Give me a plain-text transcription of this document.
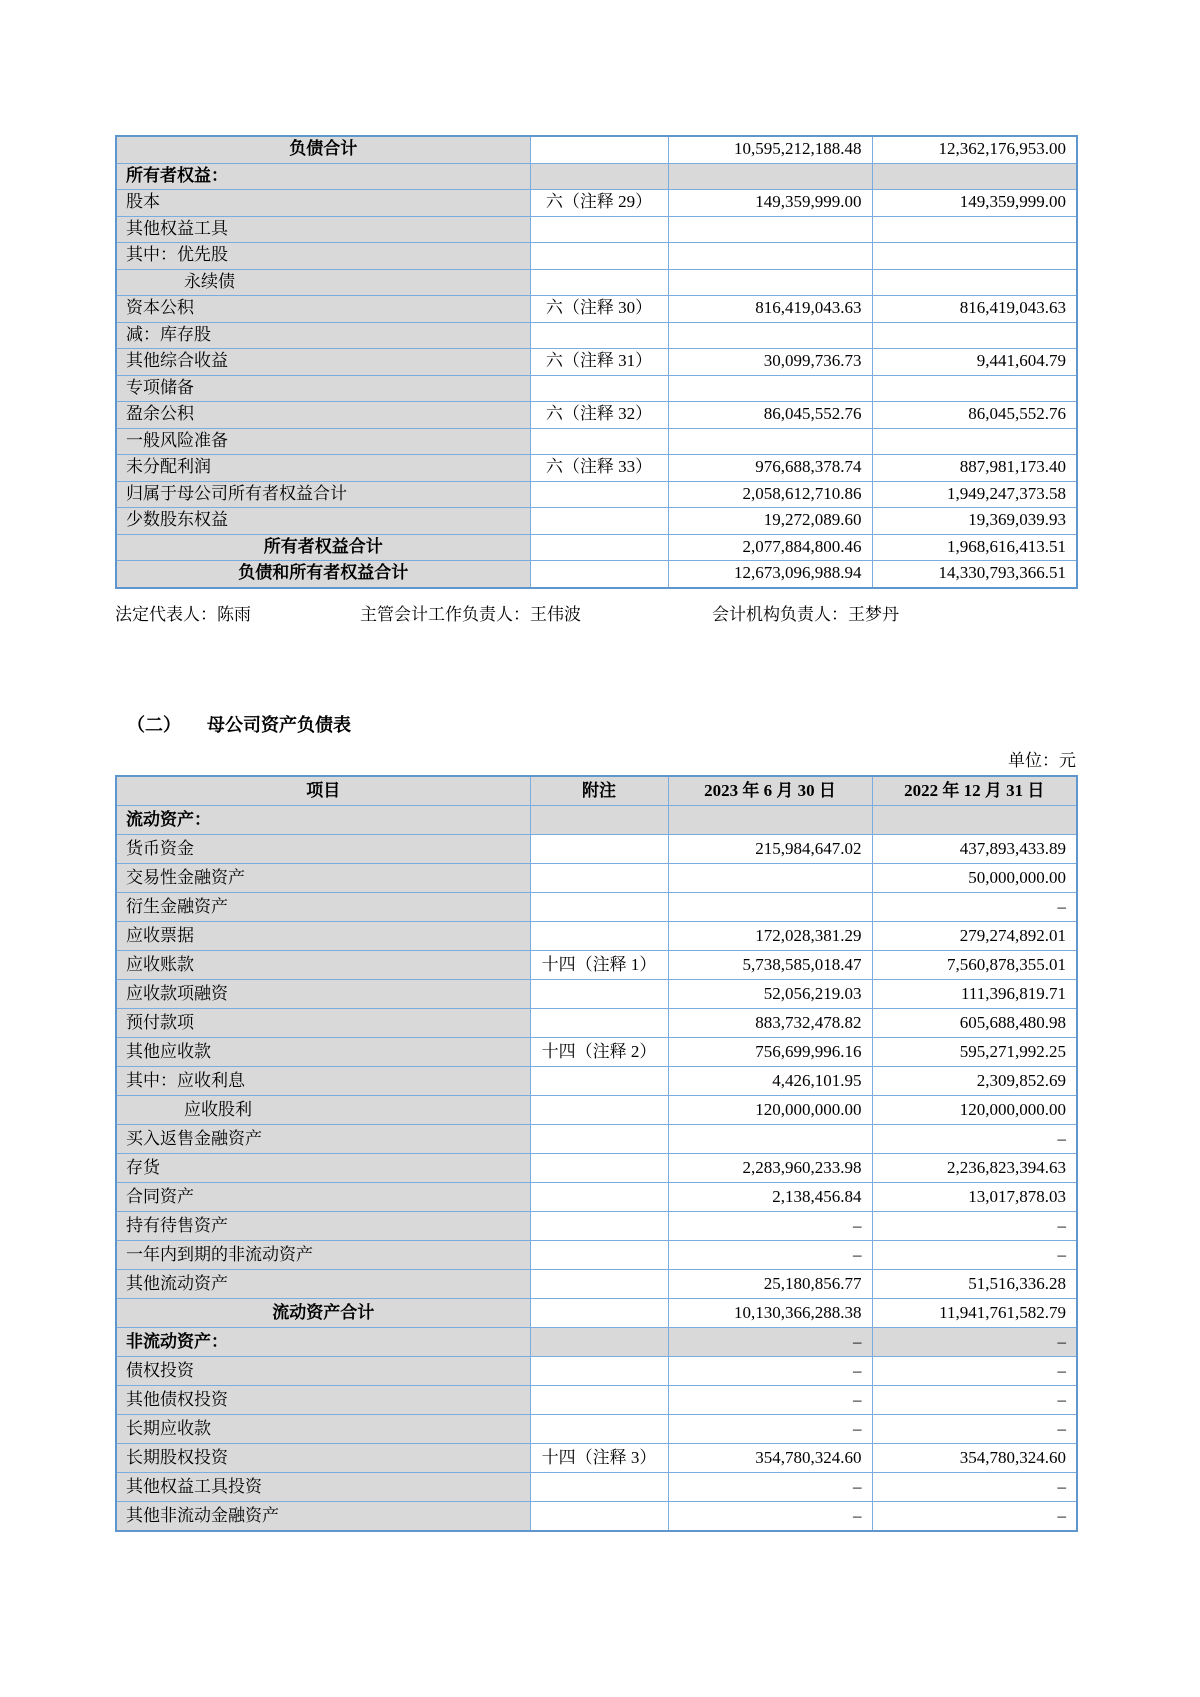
负债合计		10,595,212,188.48	12,362,176,953.00
所有者权益：			
股本	六（注释 29）	149,359,999.00	149,359,999.00
其他权益工具			
其中：优先股			
永续债			
资本公积	六（注释 30）	816,419,043.63	816,419,043.63
减：库存股			
其他综合收益	六（注释 31）	30,099,736.73	9,441,604.79
专项储备			
盈余公积	六（注释 32）	86,045,552.76	86,045,552.76
一般风险准备			
未分配利润	六（注释 33）	976,688,378.74	887,981,173.40
归属于母公司所有者权益合计		2,058,612,710.86	1,949,247,373.58
少数股东权益		19,272,089.60	19,369,039.93
所有者权益合计		2,077,884,800.46	1,968,616,413.51
负债和所有者权益合计		12,673,096,988.94	14,330,793,366.51
法定代表人：陈雨	主管会计工作负责人：王伟波	会计机构负责人：王梦丹
（二） 母公司资产负债表
单位：元
项目	附注	2023 年 6 月 30 日	2022 年 12 月 31 日
流动资产：			
货币资金		215,984,647.02	437,893,433.89
交易性金融资产			50,000,000.00
衍生金融资产			–
应收票据		172,028,381.29	279,274,892.01
应收账款	十四（注释 1）	5,738,585,018.47	7,560,878,355.01
应收款项融资		52,056,219.03	111,396,819.71
预付款项		883,732,478.82	605,688,480.98
其他应收款	十四（注释 2）	756,699,996.16	595,271,992.25
其中：应收利息		4,426,101.95	2,309,852.69
应收股利		120,000,000.00	120,000,000.00
买入返售金融资产			–
存货		2,283,960,233.98	2,236,823,394.63
合同资产		2,138,456.84	13,017,878.03
持有待售资产		–	–
一年内到期的非流动资产		–	–
其他流动资产		25,180,856.77	51,516,336.28
流动资产合计		10,130,366,288.38	11,941,761,582.79
非流动资产：		–	–
债权投资		–	–
其他债权投资		–	–
长期应收款		–	–
长期股权投资	十四（注释 3）	354,780,324.60	354,780,324.60
其他权益工具投资		–	–
其他非流动金融资产		–	–
